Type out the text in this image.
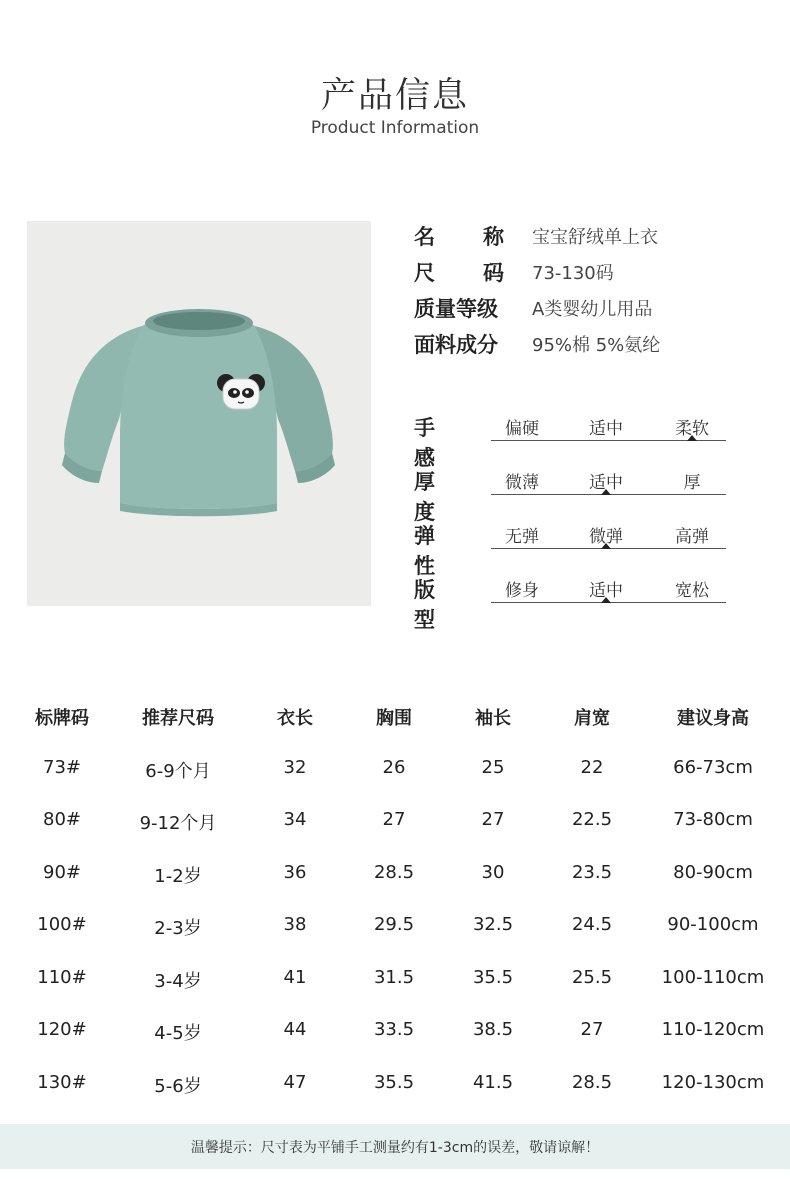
产品信息
Product Information
名 称 宝宝舒绒单上衣
尺 码 73-130码
质量等级 A类婴幼儿用品
面料成分 95%棉 5%氨纶
手感
偏硬	适中	柔软
厚度
微薄	适中	厚
弹性
无弹	微弹	高弹
版型
修身	适中	宽松
标牌码	推荐尺码	衣长	胸围	袖长	肩宽	建议身高
73#	6-9个月	32	26	25	22	66-73cm
80#	9-12个月	34	27	27	22.5	73-80cm
90#	1-2岁	36	28.5	30	23.5	80-90cm
100#	2-3岁	38	29.5	32.5	24.5	90-100cm
110#	3-4岁	41	31.5	35.5	25.5	100-110cm
120#	4-5岁	44	33.5	38.5	27	110-120cm
130#	5-6岁	47	35.5	41.5	28.5	120-130cm
温馨提示：尺寸表为平铺手工测量约有1-3cm的误差，敬请谅解！
